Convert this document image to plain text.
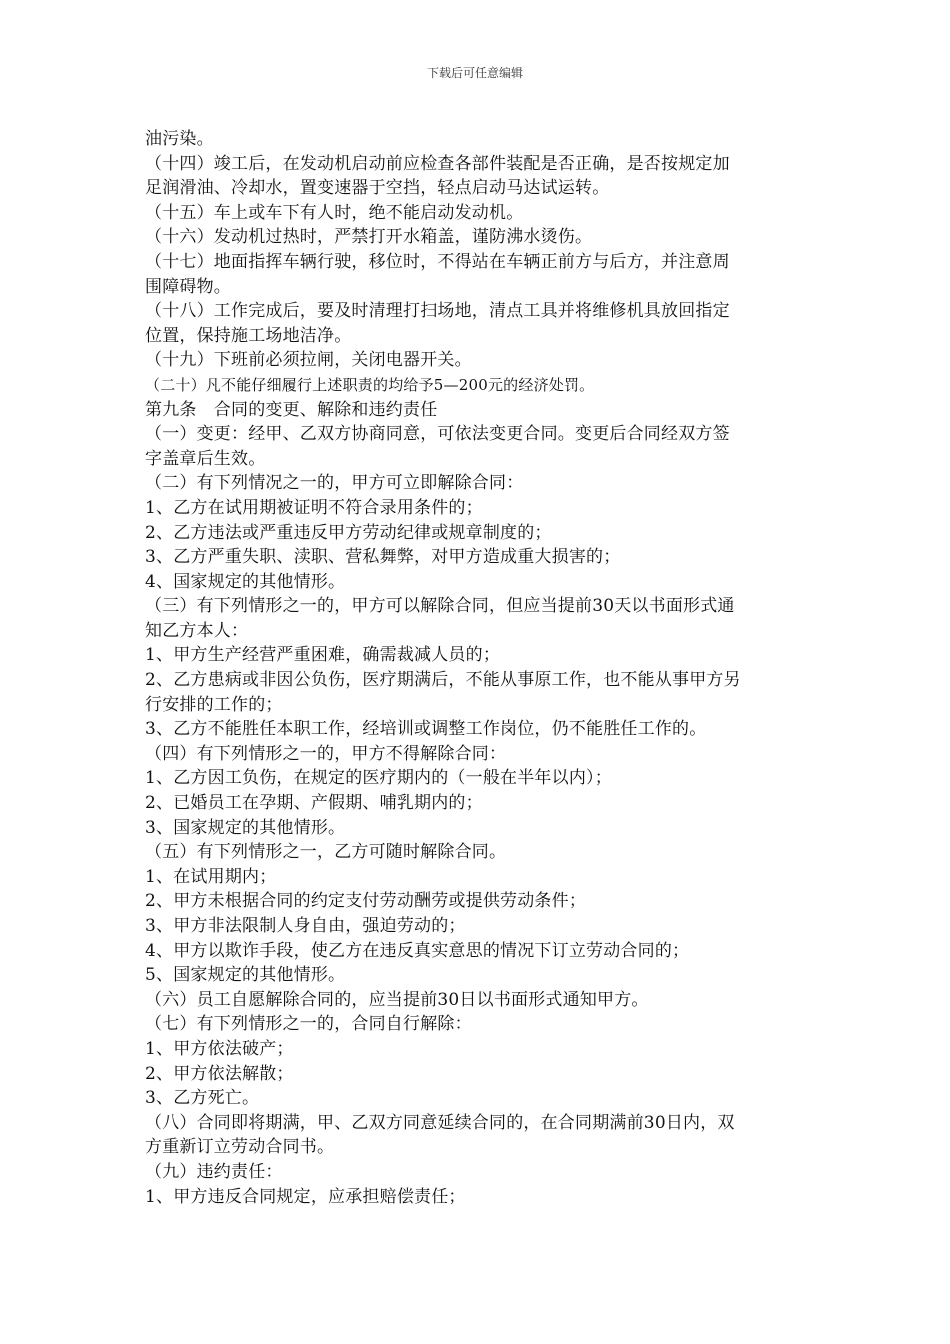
下载后可任意编辑
油污染。
（十四）竣工后，在发动机启动前应检查各部件装配是否正确，是否按规定加
足润滑油、冷却水，置变速器于空挡，轻点启动马达试运转。
（十五）车上或车下有人时，绝不能启动发动机。
（十六）发动机过热时，严禁打开水箱盖，谨防沸水烫伤。
（十七）地面指挥车辆行驶，移位时，不得站在车辆正前方与后方，并注意周
围障碍物。
（十八）工作完成后，要及时清理打扫场地，清点工具并将维修机具放回指定
位置，保持施工场地洁净。
（十九）下班前必须拉闸，关闭电器开关。
（二十）凡不能仔细履行上述职责的均给予5—200元的经济处罚。
第九条　合同的变更、解除和违约责任
（一）变更：经甲、乙双方协商同意，可依法变更合同。变更后合同经双方签
字盖章后生效。
（二）有下列情况之一的，甲方可立即解除合同：
1、乙方在试用期被证明不符合录用条件的；
2、乙方违法或严重违反甲方劳动纪律或规章制度的；
3、乙方严重失职、渎职、营私舞弊，对甲方造成重大损害的；
4、国家规定的其他情形。
（三）有下列情形之一的，甲方可以解除合同，但应当提前30天以书面形式通
知乙方本人：
1、甲方生产经营严重困难，确需裁减人员的；
2、乙方患病或非因公负伤，医疗期满后，不能从事原工作，也不能从事甲方另
行安排的工作的；
3、乙方不能胜任本职工作，经培训或调整工作岗位，仍不能胜任工作的。
（四）有下列情形之一的，甲方不得解除合同：
1、乙方因工负伤，在规定的医疗期内的（一般在半年以内）；
2、已婚员工在孕期、产假期、哺乳期内的；
3、国家规定的其他情形。
（五）有下列情形之一，乙方可随时解除合同。
1、在试用期内；
2、甲方未根据合同的约定支付劳动酬劳或提供劳动条件；
3、甲方非法限制人身自由，强迫劳动的；
4、甲方以欺诈手段，使乙方在违反真实意思的情况下订立劳动合同的；
5、国家规定的其他情形。
（六）员工自愿解除合同的，应当提前30日以书面形式通知甲方。
（七）有下列情形之一的，合同自行解除：
1、甲方依法破产；
2、甲方依法解散；
3、乙方死亡。
（八）合同即将期满，甲、乙双方同意延续合同的，在合同期满前30日内，双
方重新订立劳动合同书。
（九）违约责任：
1、甲方违反合同规定，应承担赔偿责任；
